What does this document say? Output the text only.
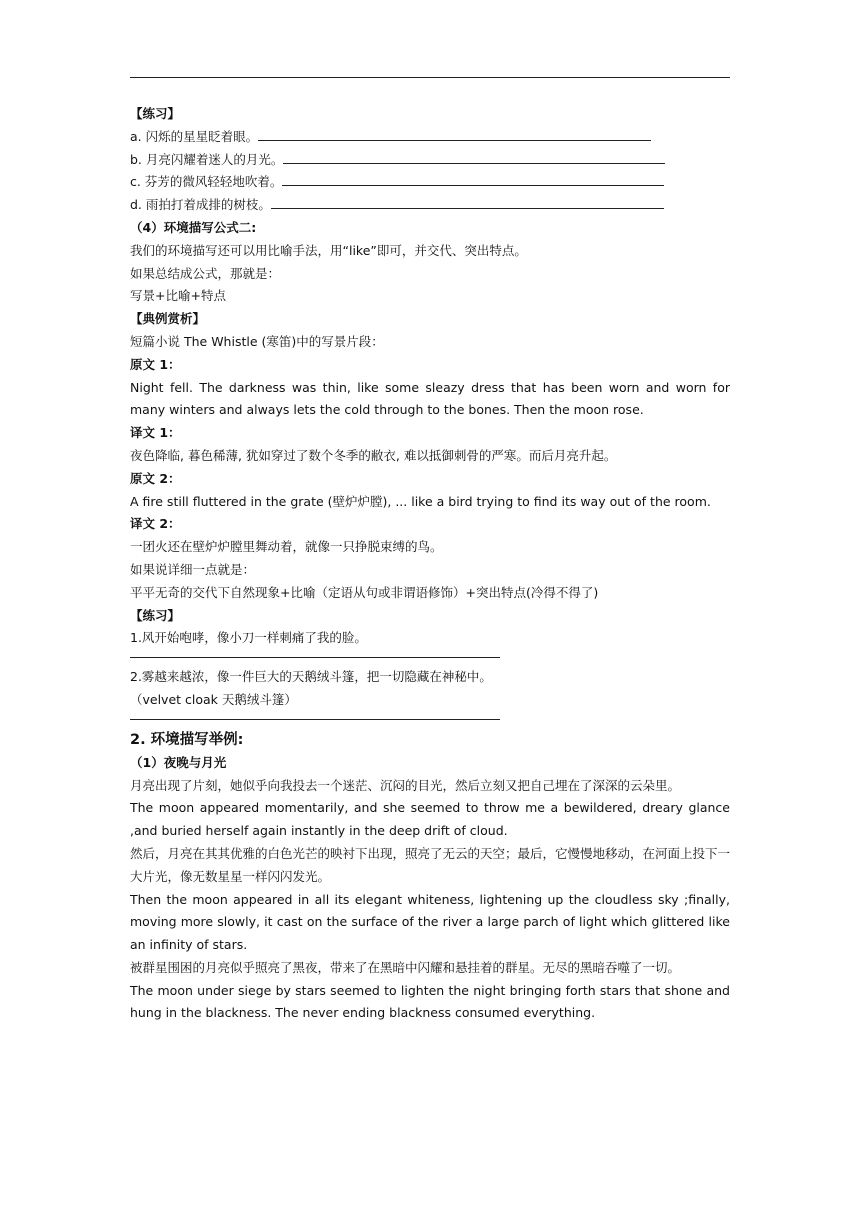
【练习】
a. 闪烁的星星眨着眼。
b. 月亮闪耀着迷人的月光。
c. 芬芳的微风轻轻地吹着。
d. 雨拍打着成排的树枝。
（4）环境描写公式二:
我们的环境描写还可以用比喻手法，用“like”即可，并交代、突出特点。
如果总结成公式，那就是：
写景+比喻+特点
【典例赏析】
短篇小说 The Whistle (寒笛)中的写景片段：
原文 1：
Night fell. The darkness was thin, like some sleazy dress that has been worn and worn for many winters and always lets the cold through to the bones. Then the moon rose.
译文 1：
夜色降临, 暮色稀薄, 犹如穿过了数个冬季的敝衣, 难以抵御刺骨的严寒。而后月亮升起。
原文 2：
A fire still fluttered in the grate (壁炉炉膛), ... like a bird trying to find its way out of the room.
译文 2：
一团火还在壁炉炉膛里舞动着，就像一只挣脱束缚的鸟。
如果说详细一点就是：
平平无奇的交代下自然现象+比喻（定语从句或非谓语修饰）+突出特点(冷得不得了)
【练习】
1.风开始咆哮，像小刀一样刺痛了我的脸。
2.雾越来越浓，像一件巨大的天鹅绒斗篷，把一切隐藏在神秘中。
（velvet cloak 天鹅绒斗篷）
2. 环境描写举例:
（1）夜晚与月光
月亮出现了片刻，她似乎向我投去一个迷茫、沉闷的目光，然后立刻又把自己埋在了深深的云朵里。
The moon appeared momentarily, and she seemed to throw me a bewildered, dreary glance ,and buried herself again instantly in the deep drift of cloud.
然后，月亮在其其优雅的白色光芒的映衬下出现，照亮了无云的天空；最后，它慢慢地移动，在河面上投下一大片光，像无数星星一样闪闪发光。
Then the moon appeared in all its elegant whiteness, lightening up the cloudless sky ;finally, moving more slowly, it cast on the surface of the river a large parch of light which glittered like an infinity of stars.
被群星围困的月亮似乎照亮了黑夜，带来了在黑暗中闪耀和悬挂着的群星。无尽的黑暗吞噬了一切。
The moon under siege by stars seemed to lighten the night bringing forth stars that shone and hung in the blackness. The never ending blackness consumed everything.
